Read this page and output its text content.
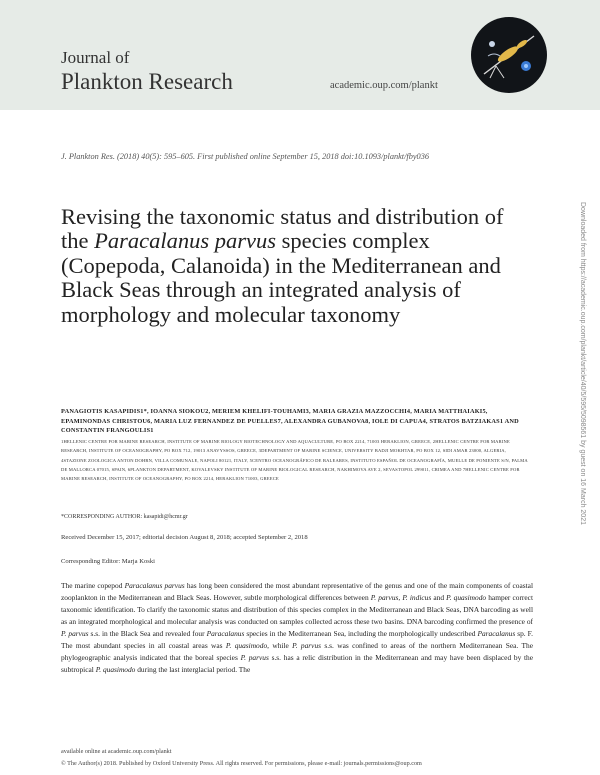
Journal of
Plankton Research	academic.oup.com/plankt
J. Plankton Res. (2018) 40(5): 595–605. First published online September 15, 2018 doi:10.1093/plankt/fby036
Revising the taxonomic status and distribution of the Paracalanus parvus species complex (Copepoda, Calanoida) in the Mediterranean and Black Seas through an integrated analysis of morphology and molecular taxonomy
PANAGIOTIS KASAPIDIS1*, IOANNA SIOKOU2, MERIEM KHELIFI-TOUHAMI3, MARIA GRAZIA MAZZOCCHI4, MARIA MATTHAIAKI5, EPAMINONDAS CHRISTOU6, MARIA LUZ FERNANDEZ DE PUELLES7, ALEXANDRA GUBANOVA8, IOLE DI CAPUA4, STRATOS BATZIAKAS1 AND CONSTANTIN FRANGOULIS1
1HELLENIC CENTRE FOR MARINE RESEARCH, INSTITUTE OF MARINE BIOLOGY BIOTECHNOLOGY AND AQUACULTURE, PO BOX 2214, 71003 HERAKLION, GREECE, 2HELLENIC CENTRE FOR MARINE RESEARCH, INSTITUTE OF OCEANOGRAPHY, PO BOX 712, 19013 ANAVYSSOS, GREECE, 3DEPARTMENT OF MARINE SCIENCE, UNIVERSITY BADJI MOKHTAR, PO BOX 12, SIDI AMAR 23000, ALGERIA, 4STAZIONE ZOOLOGICA ANTON DOHRN, VILLA COMUNALE, NAPOLI 80121, ITALY, 5CENTRO OCEANOGRÁFICO DE BALEARES, INSTITUTO ESPAÑOL DE OCEANOGRAFÍA, MUELLE DE PONIENTE S/N, PALMA DE MALLORCA 07015, SPAIN, 6PLANKTON DEPARTMENT, KOVALEVSKY INSTITUTE OF MARINE BIOLOGICAL RESEARCH, NAKHIMOVA AVE 2, SEVASTOPOL 299011, CRIMEA AND 7HELLENIC CENTRE FOR MARINE RESEARCH, INSTITUTE OF OCEANOGRAPHY, PO BOX 2214, HERAKLION 71003, GREECE
*CORRESPONDING AUTHOR: kasapidi@hcmr.gr
Received December 15, 2017; editorial decision August 8, 2018; accepted September 2, 2018
Corresponding Editor: Marja Koski
The marine copepod Paracalanus parvus has long been considered the most abundant representative of the genus and one of the main components of coastal zooplankton in the Mediterranean and Black Seas. However, subtle morphological differences between P. parvus, P. indicus and P. quasimodo hamper correct taxonomic identification. To clarify the taxonomic status and distribution of this species complex in the Mediterranean and Black Seas, DNA barcoding as well as an integrated morphological and molecular analysis was conducted on samples collected across these two basins. DNA barcoding confirmed the presence of P. parvus s.s. in the Black Sea and revealed four Paracalanus species in the Mediterranean Sea, including the morphologically undescribed Paracalanus sp. F. The most abundant species in all coastal areas was P. quasimodo, while P. parvus s.s. was confined to areas of the northern Mediterranean Sea. The phylogeographic analysis indicated that the boreal species P. parvus s.s. has a relic distribution in the Mediterranean and may have been displaced by the subtropical P. quasimodo during the last interglacial period. The
available online at academic.oup.com/plankt
© The Author(s) 2018. Published by Oxford University Press. All rights reserved. For permissions, please e-mail: journals.permissions@oup.com
Downloaded from https://academic.oup.com/plankt/article/40/5/595/5098561 by guest on 16 March 2021
